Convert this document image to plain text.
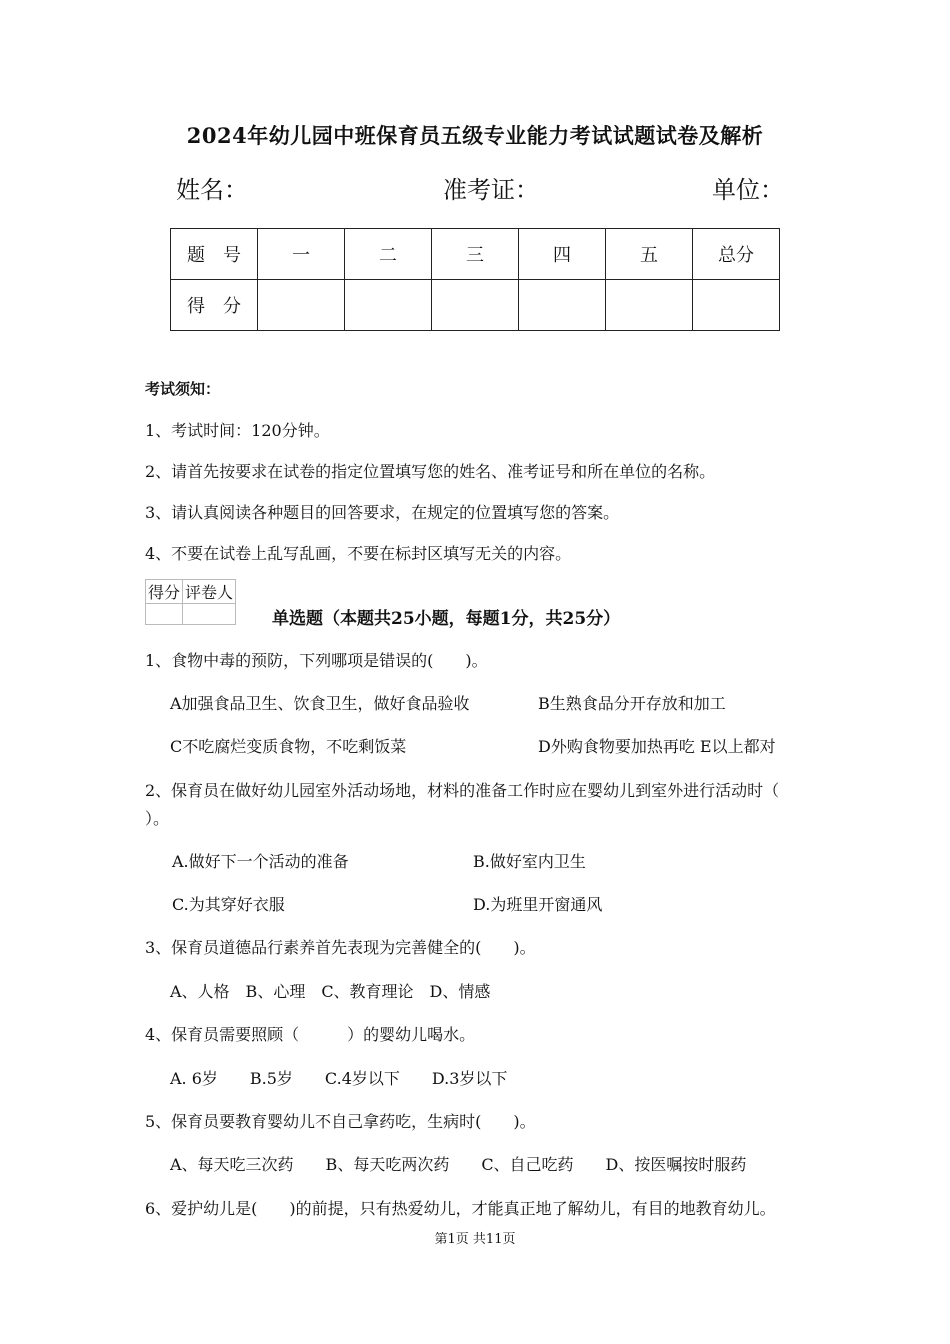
2024年幼儿园中班保育员五级专业能力考试试题试卷及解析
姓名：	准考证：	单位：
题　号	一	二	三	四	五	总分
得　分						
考试须知：
1、考试时间：120分钟。
2、请首先按要求在试卷的指定位置填写您的姓名、准考证号和所在单位的名称。
3、请认真阅读各种题目的回答要求，在规定的位置填写您的答案。
4、不要在试卷上乱写乱画，不要在标封区填写无关的内容。
得分	评卷人

单选题（本题共25小题，每题1分，共25分）
1、食物中毒的预防，下列哪项是错误的(　　)。
A加强食品卫生、饮食卫生，做好食品验收	B生熟食品分开存放和加工
C不吃腐烂变质食物，不吃剩饭菜	D外购食物要加热再吃 E以上都对
2、保育员在做好幼儿园室外活动场地，材料的准备工作时应在婴幼儿到室外进行活动时（
）。
A.做好下一个活动的准备	B.做好室内卫生
C.为其穿好衣服	D.为班里开窗通风
3、保育员道德品行素养首先表现为完善健全的(　　)。
A、人格　B、心理　C、教育理论　D、情感
4、保育员需要照顾（　　　）的婴幼儿喝水。
A. 6岁　　B.5岁　　C.4岁以下　　D.3岁以下
5、保育员要教育婴幼儿不自己拿药吃，生病时(　　)。
A、每天吃三次药　　B、每天吃两次药　　C、自己吃药　　D、按医嘱按时服药
6、爱护幼儿是(　　)的前提，只有热爱幼儿，才能真正地了解幼儿，有目的地教育幼儿。
第1页 共11页
